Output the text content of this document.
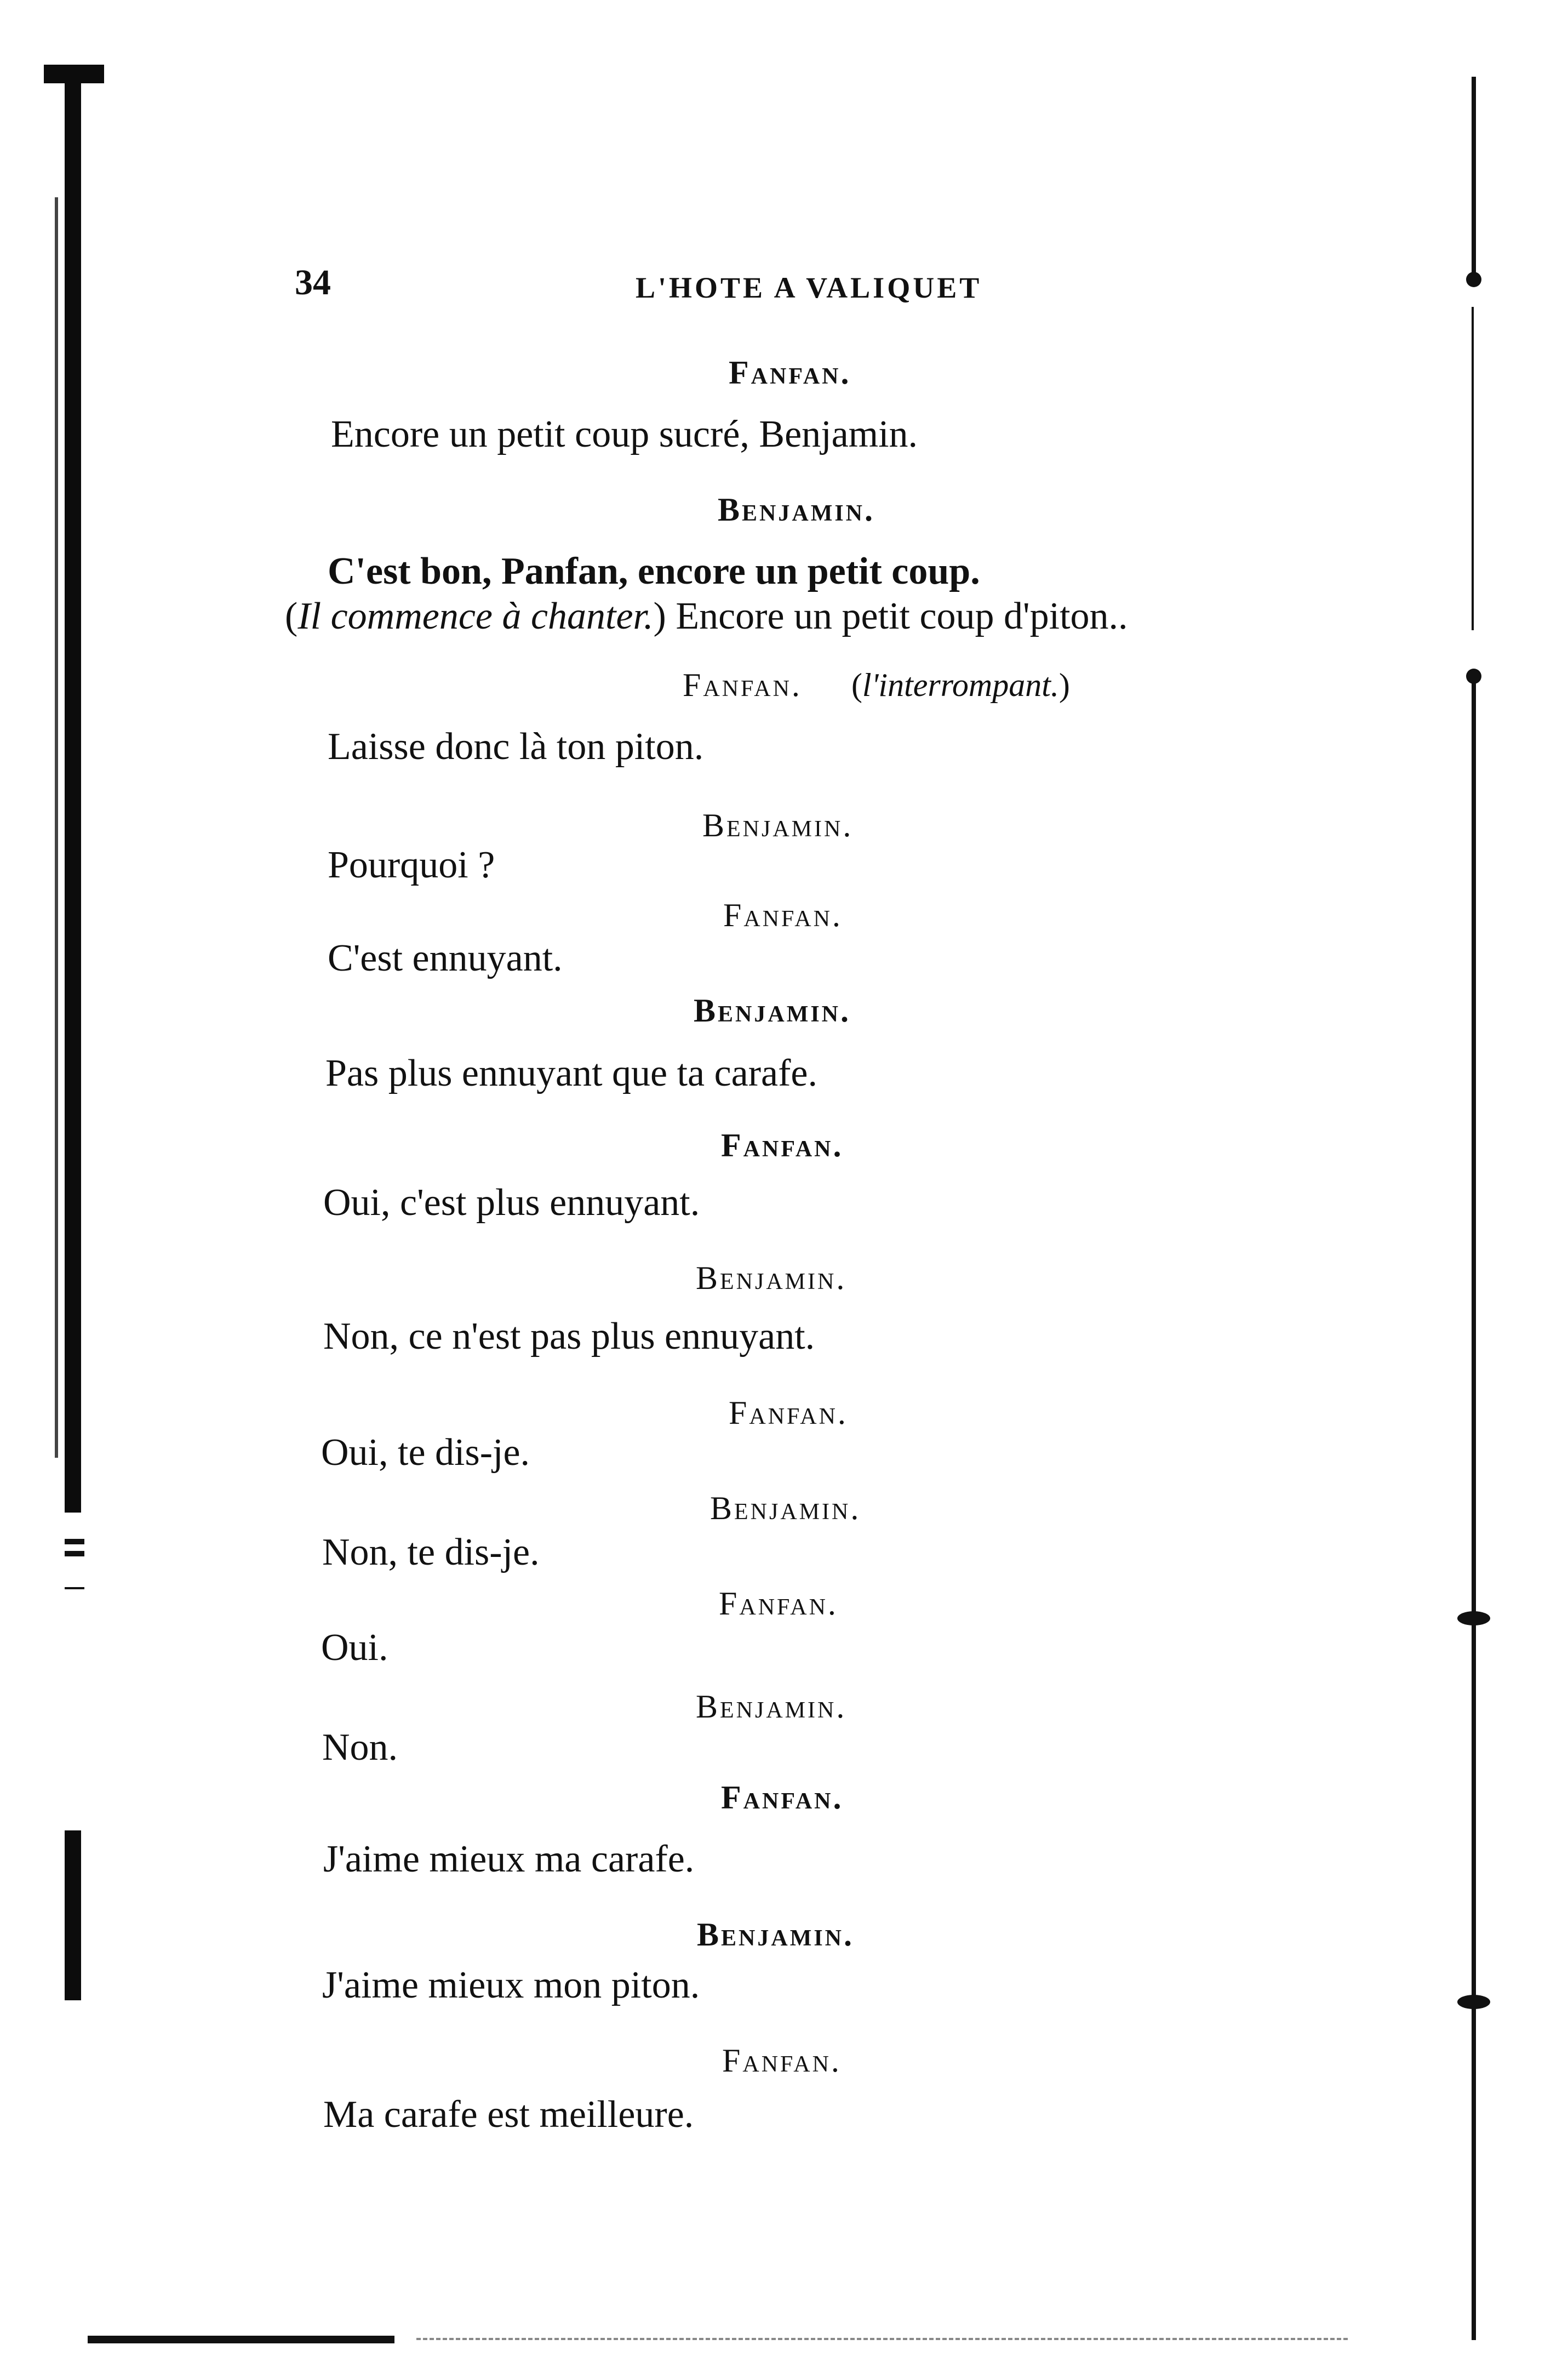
34	L'HOTE A VALIQUET
Fanfan.
Encore un petit coup sucré, Benjamin.
Benjamin.
C'est bon, Panfan, encore un petit coup.
(Il commence à chanter.) Encore un petit coup d'piton..
Fanfan. (l'interrompant.)
Laisse donc là ton piton.
Benjamin.
Pourquoi ?
Fanfan.
C'est ennuyant.
Benjamin.
Pas plus ennuyant que ta carafe.
Fanfan.
Oui, c'est plus ennuyant.
Benjamin.
Non, ce n'est pas plus ennuyant.
Fanfan.
Oui, te dis-je.
Benjamin.
Non, te dis-je.
Fanfan.
Oui.
Benjamin.
Non.
Fanfan.
J'aime mieux ma carafe.
Benjamin.
J'aime mieux mon piton.
Fanfan.
Ma carafe est meilleure.
